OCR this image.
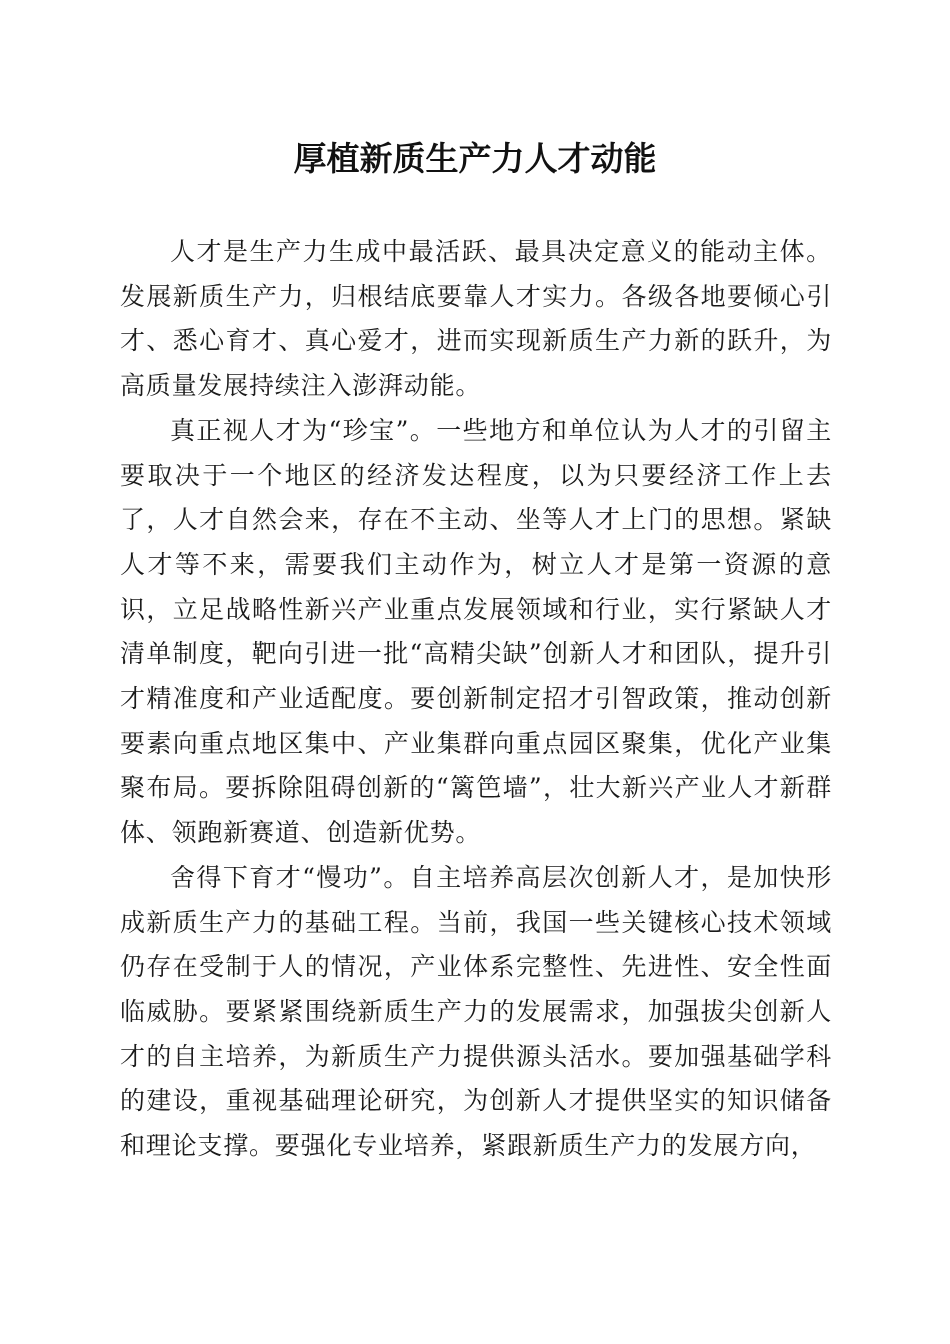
厚植新质生产力人才动能

人才是生产力生成中最活跃、最具决定意义的能动主体。发展新质生产力，归根结底要靠人才实力。各级各地要倾心引才、悉心育才、真心爱才，进而实现新质生产力新的跃升，为高质量发展持续注入澎湃动能。

真正视人才为“珍宝”。一些地方和单位认为人才的引留主要取决于一个地区的经济发达程度，以为只要经济工作上去了，人才自然会来，存在不主动、坐等人才上门的思想。紧缺人才等不来，需要我们主动作为，树立人才是第一资源的意识，立足战略性新兴产业重点发展领域和行业，实行紧缺人才清单制度，靶向引进一批“高精尖缺”创新人才和团队，提升引才精准度和产业适配度。要创新制定招才引智政策，推动创新要素向重点地区集中、产业集群向重点园区聚集，优化产业集聚布局。要拆除阻碍创新的“篱笆墙”，壮大新兴产业人才新群体、领跑新赛道、创造新优势。

舍得下育才“慢功”。自主培养高层次创新人才，是加快形成新质生产力的基础工程。当前，我国一些关键核心技术领域仍存在受制于人的情况，产业体系完整性、先进性、安全性面临威胁。要紧紧围绕新质生产力的发展需求，加强拔尖创新人才的自主培养，为新质生产力提供源头活水。要加强基础学科的建设，重视基础理论研究，为创新人才提供坚实的知识储备和理论支撑。要强化专业培养，紧跟新质生产力的发展方向，
